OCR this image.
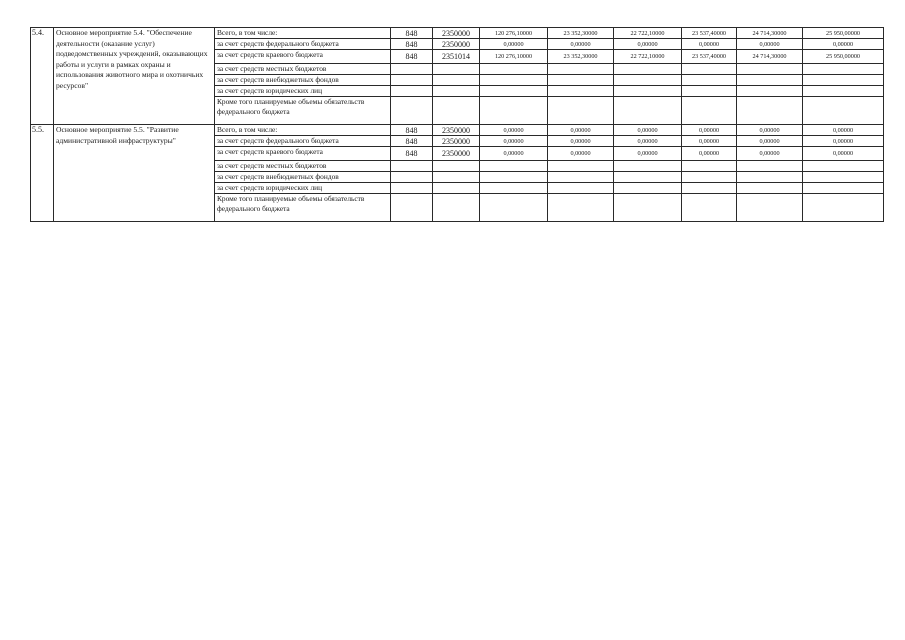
5.4.	Основное мероприятие 5.4. "Обеспечение деятельности (оказание услуг) подведомственных учреждений, оказывающих работы и услуги в рамках охраны и использования животного мира и охотничьих ресурсов"	Всего, в том числе:	848	2350000	120 276,10000	23 352,30000	22 722,10000	23 537,40000	24 714,30000	25 950,00000
		за счет средств федерального бюджета	848	2350000	0,00000	0,00000	0,00000	0,00000	0,00000	0,00000
		за счет средств краевого бюджета	848	2351014	120 276,10000	23 352,30000	22 722,10000	23 537,40000	24 714,30000	25 950,00000
		за счет средств местных бюджетов								
		за счет средств внебюджетных фондов								
		за счет средств юридических лиц								
		Кроме того планируемые объемы обязательств федерального бюджета								
5.5.	Основное мероприятие 5.5. "Развитие административной инфраструктуры"	Всего, в том числе:	848	2350000	0,00000	0,00000	0,00000	0,00000	0,00000	0,00000
		за счет средств федерального бюджета	848	2350000	0,00000	0,00000	0,00000	0,00000	0,00000	0,00000
		за счет средств краевого бюджета	848	2350000	0,00000	0,00000	0,00000	0,00000	0,00000	0,00000
		за счет средств местных бюджетов								
		за счет средств внебюджетных фондов								
		за счет средств юридических лиц								
		Кроме того планируемые объемы обязательств федерального бюджета								
